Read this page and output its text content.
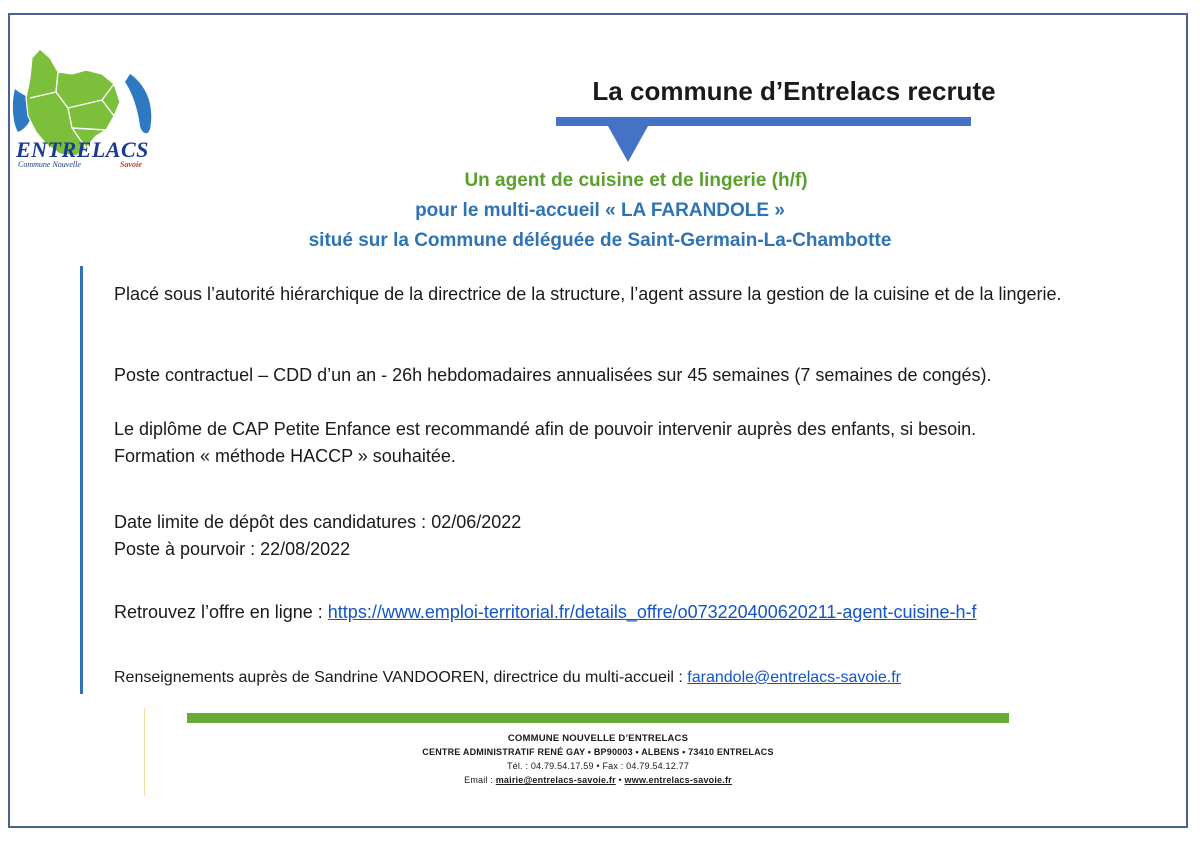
ENTRELACS
Commune Nouvelle	Savoie
La commune d’Entrelacs recrute
Un agent de cuisine et de lingerie (h/f)
pour le multi-accueil « LA FARANDOLE »
situé sur la Commune déléguée de Saint-Germain-La-Chambotte
Placé sous l’autorité hiérarchique de la directrice de la structure, l’agent assure la gestion de la cuisine et de la lingerie.
Poste contractuel – CDD d’un an - 26h hebdomadaires annualisées sur 45 semaines (7 semaines de congés).
Le diplôme de CAP Petite Enfance est recommandé afin de pouvoir intervenir auprès des enfants, si besoin.
Formation « méthode HACCP » souhaitée.
Date limite de dépôt des candidatures : 02/06/2022
Poste à pourvoir : 22/08/2022
Retrouvez l’offre en ligne : https://www.emploi-territorial.fr/details_offre/o073220400620211-agent-cuisine-h-f
Renseignements auprès de Sandrine VANDOOREN, directrice du multi-accueil : farandole@entrelacs-savoie.fr
COMMUNE NOUVELLE D’ENTRELACS
CENTRE ADMINISTRATIF RENÉ GAY • BP90003 • ALBENS • 73410 ENTRELACS
Tél. : 04.79.54.17.59 • Fax : 04.79.54.12.77
Email : mairie@entrelacs-savoie.fr • www.entrelacs-savoie.fr
